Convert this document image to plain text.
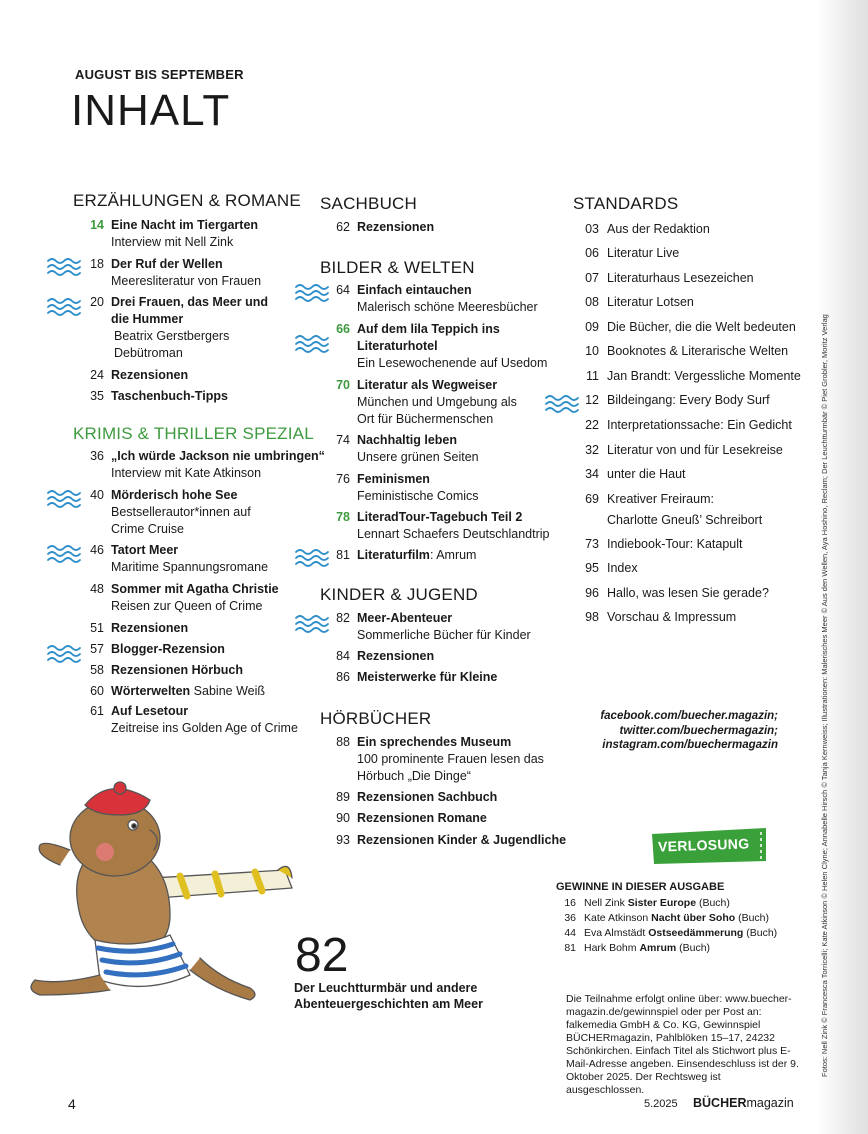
AUGUST BIS SEPTEMBER
INHALT
ERZÄHLUNGEN & ROMANE
14 Eine Nacht im Tiergarten
Interview mit Nell Zink
18 Der Ruf der Wellen
Meeresliteratur von Frauen
20 Drei Frauen, das Meer und
die Hummer
Beatrix Gerstbergers
Debütroman
24 Rezensionen
35 Taschenbuch-Tipps
KRIMIS & THRILLER SPEZIAL
36 „Ich würde Jackson nie umbringen“
Interview mit Kate Atkinson
40 Mörderisch hohe See
Bestsellerautor*innen auf
Crime Cruise
46 Tatort Meer
Maritime Spannungsromane
48 Sommer mit Agatha Christie
Reisen zur Queen of Crime
51 Rezensionen
57 Blogger-Rezension
58 Rezensionen Hörbuch
60 Wörterwelten Sabine Weiß
61 Auf Lesetour
Zeitreise ins Golden Age of Crime
SACHBUCH
62 Rezensionen
BILDER & WELTEN
64 Einfach eintauchen
Malerisch schöne Meeresbücher
66 Auf dem lila Teppich ins
Literaturhotel
Ein Lesewochenende auf Usedom
70 Literatur als Wegweiser
München und Umgebung als
Ort für Büchermenschen
74 Nachhaltig leben
Unsere grünen Seiten
76 Feminismen
Feministische Comics
78 LiteradTour-Tagebuch Teil 2
Lennart Schaefers Deutschlandtrip
81 Literaturfilm: Amrum
KINDER & JUGEND
82 Meer-Abenteuer
Sommerliche Bücher für Kinder
84 Rezensionen
86 Meisterwerke für Kleine
HÖRBÜCHER
88 Ein sprechendes Museum
100 prominente Frauen lesen das
Hörbuch „Die Dinge“
89 Rezensionen Sachbuch
90 Rezensionen Romane
93 Rezensionen Kinder & Jugendliche
STANDARDS
03 Aus der Redaktion
06 Literatur Live
07 Literaturhaus Lesezeichen
08 Literatur Lotsen
09 Die Bücher, die die Welt bedeuten
10 Booknotes & Literarische Welten
11 Jan Brandt: Vergessliche Momente
12 Bildeingang: Every Body Surf
22 Interpretationssache: Ein Gedicht
32 Literatur von und für Lesekreise
34 unter die Haut
69 Kreativer Freiraum:
Charlotte Gneuß’ Schreibort
73 Indiebook-Tour: Katapult
95 Index
96 Hallo, was lesen Sie gerade?
98 Vorschau & Impressum
facebook.com/buecher.magazin;
twitter.com/buechermagazin;
instagram.com/buechermagazin
VERLOSUNG
GEWINNE IN DIESER AUSGABE
16 Nell Zink Sister Europe (Buch)
36 Kate Atkinson Nacht über Soho (Buch)
44 Eva Almstädt Ostseedämmerung (Buch)
81 Hark Bohm Amrum (Buch)
Die Teilnahme erfolgt online über: www.buecher-magazin.de/gewinnspiel oder per Post an: falkemedia GmbH & Co. KG, Gewinnspiel BÜCHERmagazin, Pahlblöken 15–17, 24232 Schönkirchen. Einfach Titel als Stichwort plus E-Mail-Adresse angeben. Einsendeschluss ist der 9. Oktober 2025. Der Rechtsweg ist ausgeschlossen.
82
Der Leuchtturmbär und andere
Abenteuergeschichten am Meer
4	5.2025 BÜCHERmagazin
Fotos: Nell Zink © Francesca Torricelli; Kate Atkinson © Helen Clyne; Annabelle Hirsch © Tanja Kernweiss; Illustrationen: Malerisches Meer © Aus den Wellen, Aya Hoshino, Reclam; Der Leuchtturmbär © Piet Grobler, Moritz Verlag
